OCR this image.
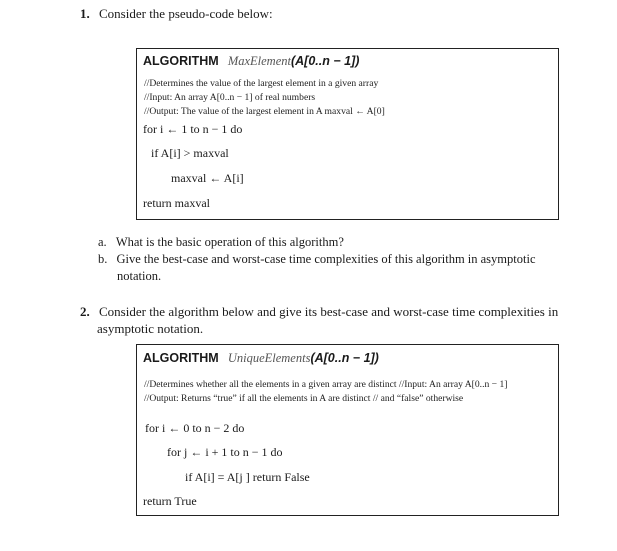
1. Consider the pseudo-code below:
ALGORITHM MaxElement(A[0..n − 1])
//Determines the value of the largest element in a given array
//Input: An array A[0..n − 1] of real numbers
//Output: The value of the largest element in A maxval ← A[0]
for i ← 1 to n − 1 do
if A[i] > maxval
maxval ← A[i]
return maxval
a. What is the basic operation of this algorithm?
b. Give the best-case and worst-case time complexities of this algorithm in asymptotic
notation.
2. Consider the algorithm below and give its best-case and worst-case time complexities in
asymptotic notation.
ALGORITHM UniqueElements(A[0..n − 1])
//Determines whether all the elements in a given array are distinct //Input: An array A[0..n − 1]
//Output: Returns “true” if all the elements in A are distinct // and “false” otherwise
for i ← 0 to n − 2 do
for j ← i + 1 to n − 1 do
if A[i] = A[j ] return False
return True
